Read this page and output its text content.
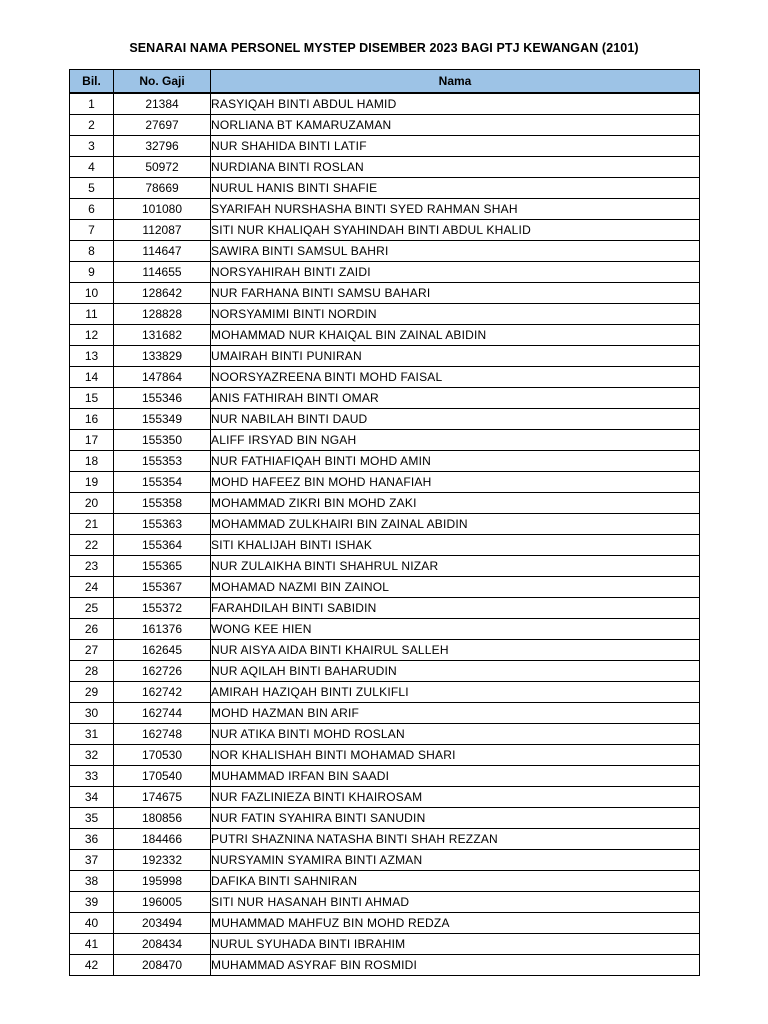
SENARAI NAMA PERSONEL MYSTEP DISEMBER 2023 BAGI PTJ KEWANGAN (2101)
Bil.	No. Gaji	Nama
1	21384	RASYIQAH BINTI ABDUL HAMID
2	27697	NORLIANA BT KAMARUZAMAN
3	32796	NUR SHAHIDA BINTI LATIF
4	50972	NURDIANA BINTI ROSLAN
5	78669	NURUL HANIS BINTI SHAFIE
6	101080	SYARIFAH NURSHASHA BINTI SYED RAHMAN SHAH
7	112087	SITI NUR KHALIQAH SYAHINDAH BINTI ABDUL KHALID
8	114647	SAWIRA BINTI SAMSUL BAHRI
9	114655	NORSYAHIRAH BINTI ZAIDI
10	128642	NUR FARHANA BINTI SAMSU BAHARI
11	128828	NORSYAMIMI BINTI NORDIN
12	131682	MOHAMMAD NUR KHAIQAL BIN ZAINAL ABIDIN
13	133829	UMAIRAH BINTI PUNIRAN
14	147864	NOORSYAZREENA BINTI MOHD FAISAL
15	155346	ANIS FATHIRAH BINTI OMAR
16	155349	NUR NABILAH BINTI DAUD
17	155350	ALIFF IRSYAD BIN NGAH
18	155353	NUR FATHIAFIQAH BINTI MOHD AMIN
19	155354	MOHD HAFEEZ BIN MOHD HANAFIAH
20	155358	MOHAMMAD ZIKRI BIN MOHD ZAKI
21	155363	MOHAMMAD ZULKHAIRI BIN ZAINAL ABIDIN
22	155364	SITI KHALIJAH BINTI ISHAK
23	155365	NUR ZULAIKHA BINTI SHAHRUL NIZAR
24	155367	MOHAMAD NAZMI BIN ZAINOL
25	155372	FARAHDILAH BINTI SABIDIN
26	161376	WONG KEE HIEN
27	162645	NUR AISYA AIDA BINTI KHAIRUL SALLEH
28	162726	NUR AQILAH BINTI BAHARUDIN
29	162742	AMIRAH HAZIQAH BINTI ZULKIFLI
30	162744	MOHD HAZMAN BIN ARIF
31	162748	NUR ATIKA BINTI MOHD ROSLAN
32	170530	NOR KHALISHAH BINTI MOHAMAD SHARI
33	170540	MUHAMMAD IRFAN BIN SAADI
34	174675	NUR FAZLINIEZA BINTI KHAIROSAM
35	180856	NUR FATIN SYAHIRA BINTI SANUDIN
36	184466	PUTRI SHAZNINA NATASHA BINTI SHAH REZZAN
37	192332	NURSYAMIN SYAMIRA BINTI AZMAN
38	195998	DAFIKA BINTI SAHNIRAN
39	196005	SITI NUR HASANAH BINTI AHMAD
40	203494	MUHAMMAD MAHFUZ BIN MOHD REDZA
41	208434	NURUL SYUHADA BINTI IBRAHIM
42	208470	MUHAMMAD ASYRAF BIN ROSMIDI
